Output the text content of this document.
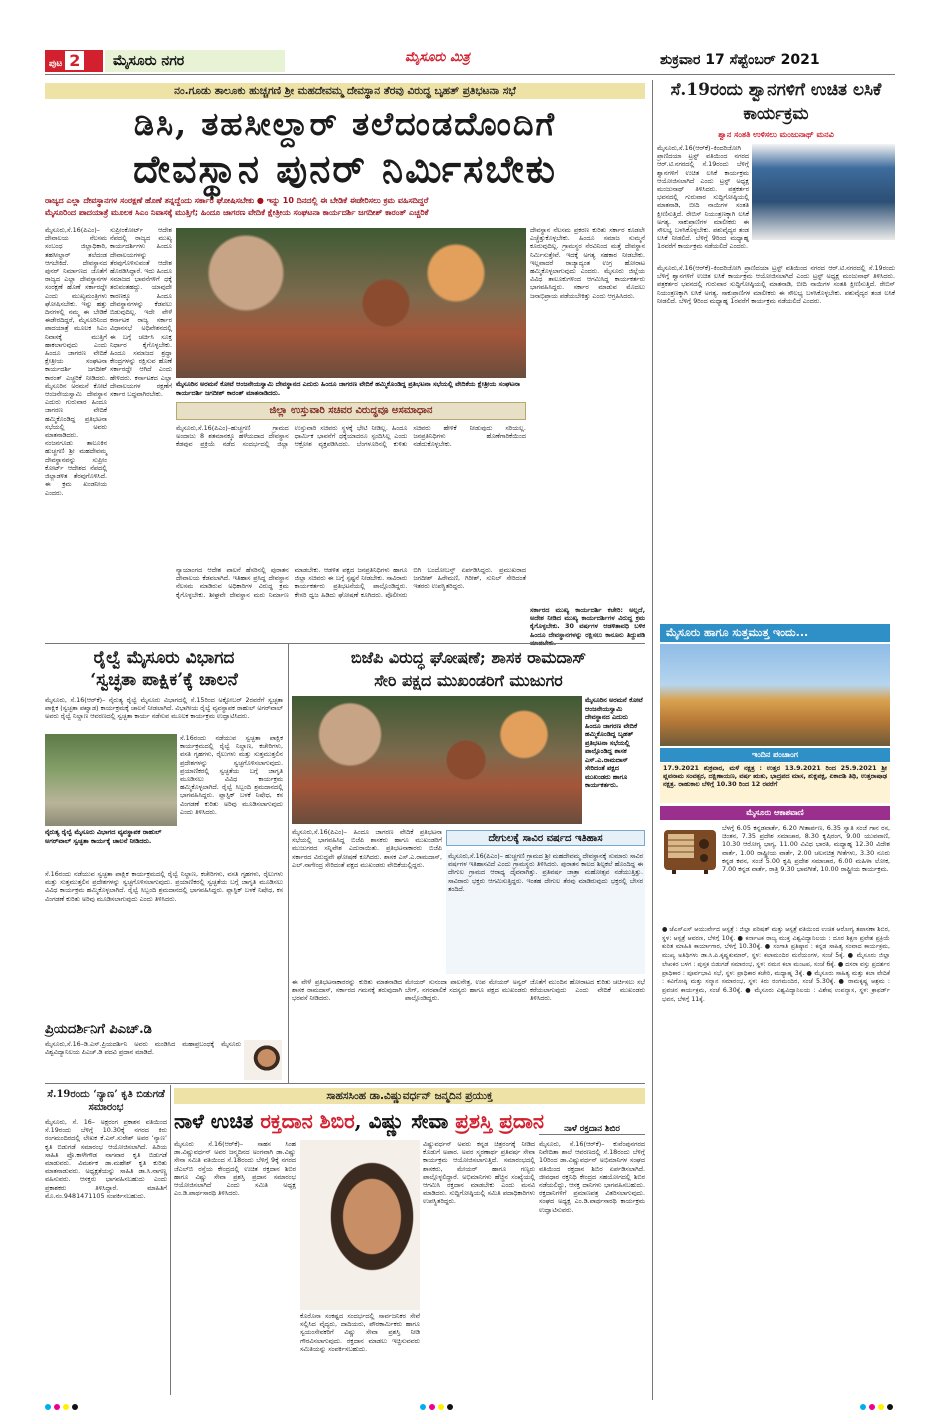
ಪುಟ 2	ಮೈಸೂರು ನಗರ	ಮೈಸೂರು ಮಿತ್ರ	ಶುಕ್ರವಾರ 17 ಸೆಪ್ಟೆಂಬರ್ 2021
ನಂ.ಗೂಡು ತಾಲೂಕು ಹುಚ್ಚಗಣಿ ಶ್ರೀ ಮಹದೇವಮ್ಮ ದೇವಸ್ಥಾನ ತೆರವು ವಿರುದ್ಧ ಬೃಹತ್ ಪ್ರತಿಭಟನಾ ಸಭೆ
ಡಿಸಿ, ತಹಸೀಲ್ದಾರ್ ತಲೆದಂಡದೊಂದಿಗೆ
ದೇವಸ್ಥಾನ ಪುನರ್ ನಿರ್ಮಿಸಬೇಕು
ರಾಜ್ಯದ ಎಲ್ಲಾ ದೇವಸ್ಥಾನಗಳ ಸಂರಕ್ಷಣೆ ಹೊಣೆ ತನ್ನದ್ದೆಂದು ಸರ್ಕಾರ ಘೋಷಿಸಬೇಕು ● ಇನ್ನು 10 ದಿನದಲ್ಲಿ ಈ ಬೇಡಿಕೆ ಈಡೇರಿಸಲು ಕ್ರಮ ವಹಿಸದಿದ್ದರೆ
ಮೈಸೂರಿಂದ ಪಾದಯಾತ್ರೆ ಮೂಲಕ ಸಿಎಂ ನಿವಾಸಕ್ಕೆ ಮುತ್ತಿಗೆ; ಹಿಂದೂ ಜಾಗರಣ ವೇದಿಕೆ ಕ್ಷೇತ್ರೀಯ ಸಂಘಟನಾ ಕಾರ್ಯದರ್ಶಿ ಜಗದೀಶ್ ಕಾರಂತ್ ಎಚ್ಚರಿಕೆ
ಮೈಸೂರು,ಸೆ.16(ಪಿಎಂ)– ದೇವಾಲಯ ನೆಲಸಮ ಸಂಬಂಧ ಜಿಲ್ಲಾಧಿಕಾರಿ, ತಹಸೀಲ್ದಾರ್ ತಲೆದಂಡ ಆಗಬೇಕಿದೆ. ದೇವಸ್ಥಾನದ ಪುನರ್ ನಿರ್ಮಾಣದ ಜೊತೆಗೆ ರಾಜ್ಯದ ಎಲ್ಲಾ ದೇವಸ್ಥಾನಗಳ ಸಂರಕ್ಷಣೆ ಹೊಣೆ ಸರ್ಕಾರದ್ದೇ ಎಂದು ಮುಖ್ಯಮಂತ್ರಿಗಳು ಘೋಷಿಸಬೇಕು. ಇನ್ನು ಹತ್ತು ದಿನಗಳಲ್ಲಿ ನಮ್ಮ ಈ ಬೇಡಿಕೆ ಈಡೇರದಿದ್ದರೆ, ಮೈಸೂರಿನಿಂದ ಪಾದಯಾತ್ರೆ ಮೂಲಕ ಸಿಎಂ ನಿವಾಸಕ್ಕೆ ಮುತ್ತಿಗೆ ಹಾಕಲಾಗುವುದು ಎಂದು ಹಿಂದೂ ಜಾಗರಣ ವೇದಿಕೆ ಕ್ಷೇತ್ರೀಯ ಸಂಘಟನಾ ಕಾರ್ಯದರ್ಶಿ ಜಗದೀಶ್ ಕಾರಂತ್ ಎಚ್ಚರಿಕೆ ನೀಡಿದರು. ಮೈಸೂರಿನ ಅರಮನೆ ಕೋಟೆ ಆಂಜನೇಯಸ್ವಾಮಿ ದೇವಸ್ಥಾನ ಎದುರು ಗುರುವಾರ ಹಿಂದೂ ಜಾಗರಣ ವೇದಿಕೆ ಹಮ್ಮಿಕೊಂಡಿದ್ದ ಪ್ರತಿಭಟನಾ ಸಭೆಯಲ್ಲಿ ಅವರು ಮಾತನಾಡಿದರು. ನಂಜನಗೂಡು ತಾಲೂಕಿನ ಹುಚ್ಚಗಣಿ ಶ್ರೀ ಮಹದೇವಮ್ಮ ದೇವಸ್ಥಾನವನ್ನು ಸುಪ್ರೀಂ ಕೋರ್ಟ್ ಆದೇಶದ ನೆಪದಲ್ಲಿ ಜಿಲ್ಲಾಡಳಿತ ತೆರವುಗೊಳಿಸಿದೆ. ಈ ಕ್ರಮ ಖಂಡನೀಯ ಎಂದರು.
ಸುಪ್ರೀಂಕೋರ್ಟ್ ಆದೇಶ ನೆಪದಲ್ಲಿ ರಾಜ್ಯದ ಮುಖ್ಯ ಕಾರ್ಯದರ್ಶಿಗಳು ಹಿಂದೂ ದೇವಾಲಯಗಳನ್ನು ತೆರವುಗೊಳಿಸುವಂತೆ ಆದೇಶ ಹೊರಡಿಸಿದ್ದಾರೆ. ಇದು ಹಿಂದೂ ಸಮಾಜದ ಭಾವನೆಗಳಿಗೆ ಧಕ್ಕೆ ತರುವಂತಹದ್ದು. ಯಾವುದೇ ಕಾರಣಕ್ಕೂ ಹಿಂದೂ ದೇವಸ್ಥಾನಗಳನ್ನು ಕೆಡವಲು ಬಿಡುವುದಿಲ್ಲ. ಇದೇ ವೇಳೆ ಕರ್ನಾಟಕ ರಾಜ್ಯ ಸರ್ಕಾರ ವಿಧಾನಸಭೆ ಅಧಿವೇಶನದಲ್ಲಿ ಈ ಬಗ್ಗೆ ಚರ್ಚಿಸಿ ಸೂಕ್ತ ನಿರ್ಧಾರ ಕೈಗೊಳ್ಳಬೇಕು. ಹಿಂದೂ ಸಮಾಜದ ಶ್ರದ್ಧಾ ಕೇಂದ್ರಗಳನ್ನು ರಕ್ಷಿಸುವ ಹೊಣೆ ಸರ್ಕಾರದ್ದೇ ಆಗಿದೆ ಎಂದು ಹೇಳಿದರು. ಕರ್ನಾಟಕದ ಎಲ್ಲಾ ದೇವಾಲಯಗಳ ರಕ್ಷಣೆಗೆ ಸರ್ಕಾರ ಬದ್ಧವಾಗಿರಬೇಕು.
ಮೈಸೂರಿನ ಅರಮನೆ ಕೋಟೆ ಆಂಜನೇಯಸ್ವಾಮಿ ದೇವಸ್ಥಾನದ ಎದುರು ಹಿಂದೂ ಜಾಗರಣ ವೇದಿಕೆ ಹಮ್ಮಿಕೊಂಡಿದ್ದ ಪ್ರತಿಭಟನಾ ಸಭೆಯಲ್ಲಿ ವೇದಿಕೆಯ ಕ್ಷೇತ್ರೀಯ ಸಂಘಟನಾ ಕಾರ್ಯದರ್ಶಿ ಜಗದೀಶ್ ಕಾರಂತ್ ಮಾತನಾಡಿದರು.
ಜಿಲ್ಲಾ ಉಸ್ತುವಾರಿ ಸಚಿವರ ವಿರುದ್ಧವೂ ಅಸಮಾಧಾನ
ಮೈಸೂರು,ಸೆ.16(ಪಿಎಂ)–ಹುಚ್ಚಗಣಿ ಗ್ರಾಮದ ಅಂದಾಜು 8 ಶತಮಾನಕ್ಕೂ ಹಳೆಯದಾದ ದೇವಸ್ಥಾನ ಕೆಡವುವ ಪ್ರಕ್ರಿಯೆ ನಡೆದ ಸಂದರ್ಭದಲ್ಲಿ ಜಿಲ್ಲಾ ಉಸ್ತುವಾರಿ ಸಚಿವರು ಸ್ಥಳಕ್ಕೆ ಭೇಟಿ ನೀಡಿಲ್ಲ. ಹಿಂದೂ ಧಾರ್ಮಿಕ ಭಾವನೆಗೆ ಧಕ್ಕೆಯಾದರೂ ಸ್ಪಂದಿಸಿಲ್ಲ ಎಂದು ಆಕ್ರೋಶ ವ್ಯಕ್ತಪಡಿಸಿದರು. ಬೆಂಗಳೂರಿನಲ್ಲಿ ಕುಳಿತು ಸಚಿವರು ಹೇಳಿಕೆ ನೀಡುವುದು ಸರಿಯಲ್ಲ. ಜನಪ್ರತಿನಿಧಿಗಳು ಹೊಣೆಗಾರಿಕೆಯಿಂದ ನಡೆದುಕೊಳ್ಳಬೇಕು.
ನ್ಯಾಯಾಂಗದ ಆದೇಶ ಪಾಲನೆ ಹೆಸರಿನಲ್ಲಿ ಪುರಾತನ ದೇವಾಲಯ ಕೆಡವಲಾಗಿದೆ. ಇತಿಹಾಸ ಪ್ರಸಿದ್ಧ ದೇವಸ್ಥಾನ ನೆಲಸಮ ಮಾಡಿರುವ ಅಧಿಕಾರಿಗಳ ವಿರುದ್ಧ ಕ್ರಮ ಕೈಗೊಳ್ಳಬೇಕು. ಶೀಘ್ರವೇ ದೇವಸ್ಥಾನ ಮರು ನಿರ್ಮಾಣ ಮಾಡಬೇಕು. ಆಡಳಿತ ಪಕ್ಷದ ಜನಪ್ರತಿನಿಧಿಗಳು ಹಾಗೂ ಜಿಲ್ಲಾ ಸಚಿವರು ಈ ಬಗ್ಗೆ ಸ್ಪಷ್ಟನೆ ನೀಡಬೇಕು. ಸಾವಿರಾರು ಕಾರ್ಯಕರ್ತರು ಪ್ರತಿಭಟನೆಯಲ್ಲಿ ಪಾಲ್ಗೊಂಡಿದ್ದರು. ಕೇಸರಿ ಧ್ವಜ ಹಿಡಿದು ಘೋಷಣೆ ಕೂಗಿದರು. ಪೊಲೀಸರು ಬಿಗಿ ಬಂದೋಬಸ್ತ್ ಏರ್ಪಡಿಸಿದ್ದರು. ಪ್ರಮುಖರಾದ ಜಗದೀಶ್ ಹಿರೇಮಣಿ, ಗಿರೀಶ್, ಸುನಿಲ್ ಸೇರಿದಂತೆ ಇತರರು ಉಪಸ್ಥಿತರಿದ್ದರು.
ದೇವಸ್ಥಾನ ನೆಲಸಮ ಪ್ರಕರಣ ಕುರಿತು ಸರ್ಕಾರ ಕೂಡಲೇ ಎಚ್ಚೆತ್ತುಕೊಳ್ಳಬೇಕು. ಹಿಂದೂ ಸಮಾಜ ಸುಮ್ಮನೆ ಕೂರುವುದಿಲ್ಲ. ಗ್ರಾಮಸ್ಥರ ನೆರವಿನಿಂದ ಮತ್ತೆ ದೇವಸ್ಥಾನ ನಿರ್ಮಿಸುತ್ತೇವೆ. ಇದಕ್ಕೆ ಅಗತ್ಯ ಸಹಕಾರ ನೀಡಬೇಕು. ಇಲ್ಲವಾದರೆ ರಾಜ್ಯಾದ್ಯಂತ ಉಗ್ರ ಹೋರಾಟ ಹಮ್ಮಿಕೊಳ್ಳಲಾಗುವುದು ಎಂದರು. ಮೈಸೂರು ಜಿಲ್ಲೆಯ ವಿವಿಧ ತಾಲೂಕುಗಳಿಂದ ಆಗಮಿಸಿದ್ದ ಕಾರ್ಯಕರ್ತರು ಭಾಗವಹಿಸಿದ್ದರು. ಸರ್ಕಾರ ಮಾಡುವ ಮೊದಲು ಜನಾಭಿಪ್ರಾಯ ಪಡೆಯಬೇಕಿತ್ತು ಎಂದು ಆಗ್ರಹಿಸಿದರು.
ಸರ್ಕಾರದ ಮುಖ್ಯ ಕಾರ್ಯದರ್ಶಿ ಕಚೇರಿ: ಅಲ್ಲದೆ, ಅದೇಶ ನೀಡಿದ ಮುಖ್ಯ ಕಾರ್ಯದರ್ಶಿಗಳ ವಿರುದ್ಧ ಕ್ರಮ ಕೈಗೊಳ್ಳಬೇಕು. 30 ವರ್ಷಗಳ ಆಡಳಿತಾವಧಿ ಬಳಿಕ ಹಿಂದೂ ದೇವಸ್ಥಾನಗಳನ್ನು ರಕ್ಷಿಸಲು ಕಾನೂನು ತಿದ್ದುಪಡಿ
ಸೆ.19ರಂದು ಶ್ವಾನಗಳಿಗೆ ಉಚಿತ ಲಸಿಕೆ ಕಾರ್ಯಕ್ರಮ
ಶ್ವಾನ ಸಂತತಿ ಉಳಿಸಲು ಮಂಜುನಾಥ್ ಮನವಿ
ಮೈಸೂರು,ಸೆ.16(ಆರ್‌ಕೆ)–ಕಿಂದರಿಜೋಗಿ ಪ್ರಾಣಿದಯಾ ಟ್ರಸ್ಟ್ ವತಿಯಿಂದ ನಗರದ ಆರ್.ಟಿ.ನಗರದಲ್ಲಿ ಸೆ.19ರಂದು ಬೆಳಿಗ್ಗೆ ಶ್ವಾನಗಳಿಗೆ ಉಚಿತ ಲಸಿಕೆ ಕಾರ್ಯಕ್ರಮ ಆಯೋಜಿಸಲಾಗಿದೆ ಎಂದು ಟ್ರಸ್ಟ್ ಅಧ್ಯಕ್ಷ ಮಂಜುನಾಥ್ ತಿಳಿಸಿದರು. ಪತ್ರಕರ್ತರ ಭವನದಲ್ಲಿ ಗುರುವಾರ ಸುದ್ದಿಗೋಷ್ಠಿಯಲ್ಲಿ ಮಾತನಾಡಿ, ಬೀದಿ ನಾಯಿಗಳ ಸಂತತಿ ಕ್ಷೀಣಿಸುತ್ತಿದೆ. ರೇಬಿಸ್ ನಿಯಂತ್ರಣಕ್ಕಾಗಿ ಲಸಿಕೆ ಅಗತ್ಯ. ಸಾಕುಪ್ರಾಣಿಗಳ ಮಾಲೀಕರು ಈ ಸೌಲಭ್ಯ ಬಳಸಿಕೊಳ್ಳಬೇಕು. ಪಶುವೈದ್ಯರ ತಂಡ ಲಸಿಕೆ ನೀಡಲಿದೆ. ಬೆಳಿಗ್ಗೆ 9ರಿಂದ ಮಧ್ಯಾಹ್ನ 1ರವರೆಗೆ ಕಾರ್ಯಕ್ರಮ ನಡೆಯಲಿದೆ ಎಂದರು.
ಮೈಸೂರು,ಸೆ.16(ಆರ್‌ಕೆ)–ಕಿಂದರಿಜೋಗಿ ಪ್ರಾಣಿದಯಾ ಟ್ರಸ್ಟ್ ವತಿಯಿಂದ ನಗರದ ಆರ್.ಟಿ.ನಗರದಲ್ಲಿ ಸೆ.19ರಂದು ಬೆಳಿಗ್ಗೆ ಶ್ವಾನಗಳಿಗೆ ಉಚಿತ ಲಸಿಕೆ ಕಾರ್ಯಕ್ರಮ ಆಯೋಜಿಸಲಾಗಿದೆ ಎಂದು ಟ್ರಸ್ಟ್ ಅಧ್ಯಕ್ಷ ಮಂಜುನಾಥ್ ತಿಳಿಸಿದರು. ಪತ್ರಕರ್ತರ ಭವನದಲ್ಲಿ ಗುರುವಾರ ಸುದ್ದಿಗೋಷ್ಠಿಯಲ್ಲಿ ಮಾತನಾಡಿ, ಬೀದಿ ನಾಯಿಗಳ ಸಂತತಿ ಕ್ಷೀಣಿಸುತ್ತಿದೆ. ರೇಬಿಸ್ ನಿಯಂತ್ರಣಕ್ಕಾಗಿ ಲಸಿಕೆ ಅಗತ್ಯ. ಸಾಕುಪ್ರಾಣಿಗಳ ಮಾಲೀಕರು ಈ ಸೌಲಭ್ಯ ಬಳಸಿಕೊಳ್ಳಬೇಕು. ಪಶುವೈದ್ಯರ ತಂಡ ಲಸಿಕೆ ನೀಡಲಿದೆ. ಬೆಳಿಗ್ಗೆ 9ರಿಂದ ಮಧ್ಯಾಹ್ನ 1ರವರೆಗೆ ಕಾರ್ಯಕ್ರಮ ನಡೆಯಲಿದೆ ಎಂದರು.
ಮೈಸೂರು ಹಾಗೂ ಸುತ್ತಮುತ್ತ ಇಂದು...
ಇಂದಿನ ಪಂಚಾಂಗ
17.9.2021 ಶುಕ್ರವಾರ, ಮಳೆ ನಕ್ಷತ್ರ : ಉತ್ತರ 13.9.2021 ರಿಂದ 25.9.2021 ಶ್ರೀ ಪ್ಲವನಾಮ ಸಂವತ್ಸರ, ದಕ್ಷಿಣಾಯಣ, ವರ್ಷ ಋತು, ಭಾದ್ರಪದ ಮಾಸ, ಶುಕ್ಲಪಕ್ಷ, ಏಕಾದಶಿ ತಿಥಿ, ಉತ್ತರಾಷಾಢ ನಕ್ಷತ್ರ. ರಾಹುಕಾಲ ಬೆಳಿಗ್ಗೆ 10.30 ರಿಂದ 12 ರವರೆಗೆ
ಮೈಸೂರು ಆಕಾಶವಾಣಿ
ಬೆಳಗ್ಗೆ 6.05 ಕನ್ನಡವಾರ್ತೆ, 6.20 ಗೀತಾರ್ಪಣ, 6.35 ಸ್ವಾತಿ ಸಂಜೆ ಗಾನ ರಸ, ಚಿಂತನ, 7.35 ಪ್ರದೇಶ ಸಮಾಚಾರ, 8.30 ಕೃಷಿರಂಗ, 9.00 ಯುವವಾಣಿ, 10.30 ಆರೋಗ್ಯ ಭಾಗ್ಯ, 11.00 ವಿವಿಧ ಭಾರತಿ, ಮಧ್ಯಾಹ್ನ 12.30 ವಿದೇಶ ವಾರ್ತೆ, 1.00 ರಾಷ್ಟ್ರೀಯ ವಾರ್ತೆ, 2.00 ಚಲನಚಿತ್ರ ಗೀತೆಗಳು, 3.30 ನೂರು ಕನ್ನಡ ಕವನ, ಸಂಜೆ 5.00 ಕೃಷಿ ಪ್ರದೇಶ ಸಮಾಚಾರ, 6.00 ಮಹಿಳಾ ಲೋಕ, 7.00 ಕನ್ನಡ ವಾರ್ತೆ, ರಾತ್ರಿ 9.30 ಭಾವಗೀತೆ, 10.00 ರಾಷ್ಟ್ರೀಯ ಕಾರ್ಯಕ್ರಮ.
● ಜೆಎಸ್‌ಎಸ್ ಆಯುರ್ವೇದ ಆಸ್ಪತ್ರೆ : ಜಿಲ್ಲಾ ಪರಿಷತ್ ಮತ್ತು ಆಸ್ಪತ್ರೆ ವತಿಯಿಂದ ಉಚಿತ ಆರೋಗ್ಯ ತಪಾಸಣಾ ಶಿಬಿರ, ಸ್ಥಳ: ಆಸ್ಪತ್ರೆ ಆವರಣ, ಬೆಳಿಗ್ಗೆ 10ಕ್ಕೆ. ● ಕರ್ನಾಟಕ ರಾಜ್ಯ ಮುಕ್ತ ವಿಶ್ವವಿದ್ಯಾನಿಲಯ : ದೂರ ಶಿಕ್ಷಣ ಪ್ರವೇಶ ಪ್ರಕ್ರಿಯೆ ಕುರಿತ ಮಾಹಿತಿ ಕಾರ್ಯಾಗಾರ, ಬೆಳಿಗ್ಗೆ 10.30ಕ್ಕೆ. ● ಸಂಗಾತಿ ಪ್ರತಿಷ್ಠಾನ : ಕನ್ನಡ ಸಾಹಿತ್ಯ ಸಂವಾದ ಕಾರ್ಯಕ್ರಮ, ಮುಖ್ಯ ಅತಿಥಿಗಳು ಡಾ.ಸಿ.ಪಿ.ಕೃಷ್ಣಕುಮಾರ್, ಸ್ಥಳ: ಕಲಾಮಂದಿರ ಮನೆಯಂಗಳ, ಸಂಜೆ 5ಕ್ಕೆ. ● ಮೈಸೂರು ಜಿಲ್ಲಾ ಲೇಖಕರ ಬಳಗ : ಪುಸ್ತಕ ಬಿಡುಗಡೆ ಸಮಾರಂಭ, ಸ್ಥಳ: ನಮನ ಕಲಾ ಮಂಟಪ, ಸಂಜೆ 6ಕ್ಕೆ. ● ದಸರಾ ವಸ್ತು ಪ್ರದರ್ಶನ ಪ್ರಾಧಿಕಾರ : ಪೂರ್ವಭಾವಿ ಸಭೆ, ಸ್ಥಳ: ಪ್ರಾಧಿಕಾರ ಕಚೇರಿ, ಮಧ್ಯಾಹ್ನ 3ಕ್ಕೆ. ● ಮೈಸೂರು ಸಾಹಿತ್ಯ ಮತ್ತು ಕಲಾ ವೇದಿಕೆ : ಕವಿಗೋಷ್ಠಿ ಮತ್ತು ಸನ್ಮಾನ ಸಮಾರಂಭ, ಸ್ಥಳ: ಕಿರು ರಂಗಮಂದಿರ, ಸಂಜೆ 5.30ಕ್ಕೆ. ● ರಾಮಕೃಷ್ಣ ಆಶ್ರಮ : ಪ್ರವಚನ ಕಾರ್ಯಕ್ರಮ, ಸಂಜೆ 6.30ಕ್ಕೆ. ● ಮೈಸೂರು ವಿಶ್ವವಿದ್ಯಾನಿಲಯ : ವಿಶೇಷ ಉಪನ್ಯಾಸ, ಸ್ಥಳ: ಕ್ರಾಫರ್ಡ್ ಭವನ, ಬೆಳಿಗ್ಗೆ 11ಕ್ಕೆ.
ರೈಲ್ವೆ ಮೈಸೂರು ವಿಭಾಗದ
‘ಸ್ವಚ್ಛತಾ ಪಾಕ್ಷಿಕ’ಕ್ಕೆ ಚಾಲನೆ
ಮೈಸೂರು, ಸೆ.16(ಆರ್‌ಕೆ)– ನೈರುತ್ಯ ರೈಲ್ವೆ ಮೈಸೂರು ವಿಭಾಗದಲ್ಲಿ ಸೆ.15ರಿಂದ ಅಕ್ಟೋಬರ್ 2ರವರೆಗೆ ಸ್ವಚ್ಛತಾ ಪಾಕ್ಷಿಕ (ಸ್ವಚ್ಛತಾ ಪಖ್ವಾಡ) ಕಾರ್ಯಕ್ರಮಕ್ಕೆ ಚಾಲನೆ ನೀಡಲಾಗಿದೆ. ವಿಭಾಗೀಯ ರೈಲ್ವೆ ವ್ಯವಸ್ಥಾಪಕ ರಾಹುಲ್ ಅಗರ್‌ವಾಲ್ ಅವರು ರೈಲ್ವೆ ನಿಲ್ದಾಣ ಆವರಣದಲ್ಲಿ ಸ್ವಚ್ಛತಾ ಕಾರ್ಯ ನಡೆಸುವ ಮೂಲಕ ಕಾರ್ಯಕ್ರಮ ಉದ್ಘಾಟಿಸಿದರು.
ನೈರುತ್ಯ ರೈಲ್ವೆ ಮೈಸೂರು ವಿಭಾಗದ ವ್ಯವಸ್ಥಾಪಕ ರಾಹುಲ್ ಅಗರ್‌ವಾಲ್ ಸ್ವಚ್ಛತಾ ಕಾರ್ಯಕ್ಕೆ ಚಾಲನೆ ನೀಡಿದರು.
ಸೆ.16ರಂದು ನಡೆಯುವ ಸ್ವಚ್ಛತಾ ಪಾಕ್ಷಿಕ ಕಾರ್ಯಕ್ರಮದಲ್ಲಿ ರೈಲ್ವೆ ನಿಲ್ದಾಣ, ಕಚೇರಿಗಳು, ವಸತಿ ಗೃಹಗಳು, ರೈಲುಗಳು ಮತ್ತು ಸುತ್ತಮುತ್ತಲಿನ ಪ್ರದೇಶಗಳನ್ನು ಸ್ವಚ್ಛಗೊಳಿಸಲಾಗುವುದು. ಪ್ರಯಾಣಿಕರಲ್ಲಿ ಸ್ವಚ್ಛತೆಯ ಬಗ್ಗೆ ಜಾಗೃತಿ ಮೂಡಿಸಲು ವಿವಿಧ ಕಾರ್ಯಕ್ರಮ ಹಮ್ಮಿಕೊಳ್ಳಲಾಗಿದೆ. ರೈಲ್ವೆ ಸಿಬ್ಬಂದಿ ಶ್ರಮದಾನದಲ್ಲಿ ಭಾಗವಹಿಸಿದ್ದರು. ಪ್ಲಾಸ್ಟಿಕ್ ಬಳಕೆ ನಿಷೇಧ, ಕಸ ವಿಂಗಡಣೆ ಕುರಿತು ಅರಿವು ಮೂಡಿಸಲಾಗುವುದು ಎಂದು ತಿಳಿಸಿದರು.
ಸೆ.16ರಂದು ನಡೆಯುವ ಸ್ವಚ್ಛತಾ ಪಾಕ್ಷಿಕ ಕಾರ್ಯಕ್ರಮದಲ್ಲಿ ರೈಲ್ವೆ ನಿಲ್ದಾಣ, ಕಚೇರಿಗಳು, ವಸತಿ ಗೃಹಗಳು, ರೈಲುಗಳು ಮತ್ತು ಸುತ್ತಮುತ್ತಲಿನ ಪ್ರದೇಶಗಳನ್ನು ಸ್ವಚ್ಛಗೊಳಿಸಲಾಗುವುದು. ಪ್ರಯಾಣಿಕರಲ್ಲಿ ಸ್ವಚ್ಛತೆಯ ಬಗ್ಗೆ ಜಾಗೃತಿ ಮೂಡಿಸಲು ವಿವಿಧ ಕಾರ್ಯಕ್ರಮ ಹಮ್ಮಿಕೊಳ್ಳಲಾಗಿದೆ. ರೈಲ್ವೆ ಸಿಬ್ಬಂದಿ ಶ್ರಮದಾನದಲ್ಲಿ ಭಾಗವಹಿಸಿದ್ದರು. ಪ್ಲಾಸ್ಟಿಕ್ ಬಳಕೆ ನಿಷೇಧ, ಕಸ ವಿಂಗಡಣೆ ಕುರಿತು ಅರಿವು ಮೂಡಿಸಲಾಗುವುದು ಎಂದು ತಿಳಿಸಿದರು.
ಪ್ರಿಯದರ್ಶಿನಿಗೆ ಪಿಎಚ್.ಡಿ
ಮೈಸೂರು,ಸೆ.16–ಡಿ.ಎಸ್.ಪ್ರಿಯದರ್ಶಿನಿ ಅವರು ಮಂಡಿಸಿದ ಮಹಾಪ್ರಬಂಧಕ್ಕೆ ಮೈಸೂರು ವಿಶ್ವವಿದ್ಯಾನಿಲಯ ಪಿಎಚ್.ಡಿ ಪದವಿ ಪ್ರದಾನ ಮಾಡಿದೆ.
ಬಿಜೆಪಿ ವಿರುದ್ಧ ಘೋಷಣೆ; ಶಾಸಕ ರಾಮದಾಸ್
ಸೇರಿ ಪಕ್ಷದ ಮುಖಂಡರಿಗೆ ಮುಜುಗರ
ಮೈಸೂರಿನ ಅರಮನೆ ಕೋಟೆ ಆಂಜನೇಯಸ್ವಾಮಿ ದೇವಸ್ಥಾನದ ಎದುರು ಹಿಂದೂ ಜಾಗರಣ ವೇದಿಕೆ ಹಮ್ಮಿಕೊಂಡಿದ್ದ ಬೃಹತ್ ಪ್ರತಿಭಟನಾ ಸಭೆಯಲ್ಲಿ ಪಾಲ್ಗೊಂಡಿದ್ದ ಶಾಸಕ ಎಸ್.ಎ.ರಾಮದಾಸ್ ಸೇರಿದಂತೆ ಪಕ್ಷದ ಮುಖಂಡರು ಹಾಗೂ ಕಾರ್ಯಕರ್ತರು.
ಮೈಸೂರು,ಸೆ.16(ಪಿಎಂ)– ಹಿಂದೂ ಜಾಗರಣ ವೇದಿಕೆ ಪ್ರತಿಭಟನಾ ಸಭೆಯಲ್ಲಿ ಭಾಗವಹಿಸಿದ್ದ ಬಿಜೆಪಿ ಶಾಸಕರು ಹಾಗೂ ಮುಖಂಡರಿಗೆ ಮುಜುಗರದ ಸನ್ನಿವೇಶ ಎದುರಾಯಿತು. ಪ್ರತಿಭಟನಾಕಾರರು ಬಿಜೆಪಿ ಸರ್ಕಾರದ ವಿರುದ್ಧವೇ ಘೋಷಣೆ ಕೂಗಿದರು. ಶಾಸಕ ಎಸ್.ಎ.ರಾಮದಾಸ್, ಎಲ್.ನಾಗೇಂದ್ರ ಸೇರಿದಂತೆ ಪಕ್ಷದ ಮುಖಂಡರು ವೇದಿಕೆಯಲ್ಲಿದ್ದರು.
ದೇಗುಲಕ್ಕೆ ಸಾವಿರ ವರ್ಷದ ಇತಿಹಾಸ
ಮೈಸೂರು,ಸೆ.16(ಪಿಎಂ)– ಹುಚ್ಚಗಣಿ ಗ್ರಾಮದ ಶ್ರೀ ಮಹದೇವಮ್ಮ ದೇವಸ್ಥಾನಕ್ಕೆ ಸುಮಾರು ಸಾವಿರ ವರ್ಷಗಳ ಇತಿಹಾಸವಿದೆ ಎಂದು ಗ್ರಾಮಸ್ಥರು ತಿಳಿಸಿದರು. ಪುರಾತನ ಕಾಲದ ಶಿಲ್ಪಕಲೆ ಹೊಂದಿದ್ದ ಈ ದೇಗುಲ ಗ್ರಾಮದ ಆರಾಧ್ಯ ದೈವವಾಗಿತ್ತು. ಪ್ರತಿವರ್ಷ ಜಾತ್ರಾ ಮಹೋತ್ಸವ ನಡೆಯುತ್ತಿತ್ತು. ಸಾವಿರಾರು ಭಕ್ತರು ಆಗಮಿಸುತ್ತಿದ್ದರು. ಇಂತಹ ದೇಗುಲ ತೆರವು ಮಾಡಿರುವುದು ಭಕ್ತರಲ್ಲಿ ಬೇಸರ ತಂದಿದೆ.
ಈ ವೇಳೆ ಪ್ರತಿಭಟನಾಕಾರರನ್ನು ಕುರಿತು ಮಾತನಾಡಿದ ಶಾಸಕ ರಾಮದಾಸ್, ಸರ್ಕಾರದ ಗಮನಕ್ಕೆ ತರುವುದಾಗಿ ಭರವಸೆ ನೀಡಿದರು.
ಮೇಯರ್ ಸುನಂದಾ ಪಾಲನೇತ್ರ, ಉಪ ಮೇಯರ್ ಅನ್ವರ್ ಬೇಗ್, ನಗರಪಾಲಿಕೆ ಸದಸ್ಯರು ಹಾಗೂ ಪಕ್ಷದ ಮುಖಂಡರು ಪಾಲ್ಗೊಂಡಿದ್ದರು.
ಜೊತೆಗೆ ಮುಂದಿನ ಹೋರಾಟದ ಕುರಿತು ಚರ್ಚಿಸಲು ಸಭೆ ಕರೆಯಲಾಗುವುದು ಎಂದು ವೇದಿಕೆ ಮುಖಂಡರು ತಿಳಿಸಿದರು.
ಸೆ.19ರಂದು ‘ನ್ಯಾಣ’ ಕೃತಿ ಬಿಡುಗಡೆ ಸಮಾರಂಭ
ಮೈಸೂರು, ಸೆ. 16– ಅಕ್ಷರಂಗ ಪ್ರಕಾಶನ ವತಿಯಿಂದ ಸೆ.19ರಂದು ಬೆಳಿಗ್ಗೆ 10.30ಕ್ಕೆ ನಗರದ ಕಿರು ರಂಗಮಂದಿರದಲ್ಲಿ ಲೇಖಕ ಕೆ.ಎಸ್.ಸುರೇಶ್ ಅವರ ‘ನ್ಯಾಣ’ ಕೃತಿ ಬಿಡುಗಡೆ ಸಮಾರಂಭ ಆಯೋಜಿಸಲಾಗಿದೆ. ಹಿರಿಯ ಸಾಹಿತಿ ಪ್ರೊ.ಕಾಳೇಗೌಡ ನಾಗವಾರ ಕೃತಿ ಬಿಡುಗಡೆ ಮಾಡುವರು. ವಿಮರ್ಶಕ ಡಾ.ಮಹೇಶ್ ಕೃತಿ ಕುರಿತು ಮಾತನಾಡುವರು. ಅಧ್ಯಕ್ಷತೆಯನ್ನು ಸಾಹಿತಿ ಡಾ.ಸಿ.ನಾಗಣ್ಣ ವಹಿಸುವರು. ಆಸಕ್ತರು ಭಾಗವಹಿಸಬಹುದು ಎಂದು ಪ್ರಕಾಶಕರು ತಿಳಿಸಿದ್ದಾರೆ. ಮಾಹಿತಿಗೆ ಮೊ.ನಂ.9481471105 ಸಂಪರ್ಕಿಸಬಹುದು.
ಸಾಹಸಸಿಂಹ ಡಾ.ವಿಷ್ಣುವರ್ಧನ್ ಜನ್ಮದಿನ ಪ್ರಯುಕ್ತ
ನಾಳೆ ಉಚಿತ ರಕ್ತದಾನ ಶಿಬಿರ, ವಿಷ್ಣು ಸೇವಾ ಪ್ರಶಸ್ತಿ ಪ್ರದಾನ
ಮೈಸೂರು ಸೆ.16(ಆರ್‌ಕೆ)– ಸಾಹಸ ಸಿಂಹ ಡಾ.ವಿಷ್ಣುವರ್ಧನ್ ಅವರ ಜನ್ಮದಿನದ ಅಂಗವಾಗಿ ಡಾ.ವಿಷ್ಣು ಸೇನಾ ಸಮಿತಿ ವತಿಯಿಂದ ಸೆ.18ರಂದು ಬೆಳಿಗ್ಗೆ 9ಕ್ಕೆ ನಗರದ ಜೆಎಲ್‌ಬಿ ರಸ್ತೆಯ ಕೇಂದ್ರದಲ್ಲಿ ಉಚಿತ ರಕ್ತದಾನ ಶಿಬಿರ ಹಾಗೂ ವಿಷ್ಣು ಸೇವಾ ಪ್ರಶಸ್ತಿ ಪ್ರದಾನ ಸಮಾರಂಭ ಆಯೋಜಿಸಲಾಗಿದೆ ಎಂದು ಸಮಿತಿ ಅಧ್ಯಕ್ಷ ಎಂ.ಡಿ.ಪಾರ್ಥಸಾರಥಿ ತಿಳಿಸಿದರು.
ಕೊರೊನಾ ಸಂಕಷ್ಟದ ಸಂದರ್ಭದಲ್ಲಿ ಸಾರ್ವಜನಿಕರ ಸೇವೆ ಸಲ್ಲಿಸಿದ ವೈದ್ಯರು, ದಾದಿಯರು, ಪೌರಕಾರ್ಮಿಕರು ಹಾಗೂ ಸ್ವಯಂಸೇವಕರಿಗೆ ವಿಷ್ಣು ಸೇವಾ ಪ್ರಶಸ್ತಿ ನೀಡಿ ಗೌರವಿಸಲಾಗುವುದು. ರಕ್ತದಾನ ಮಾಡಲು ಇಚ್ಛಿಸುವವರು ಸಮಿತಿಯನ್ನು ಸಂಪರ್ಕಿಸಬಹುದು.
ವಿಷ್ಣುವರ್ಧನ್ ಅವರು ಕನ್ನಡ ಚಿತ್ರರಂಗಕ್ಕೆ ನೀಡಿದ ಕೊಡುಗೆ ಅಪಾರ. ಅವರ ಸ್ಮರಣಾರ್ಥ ಪ್ರತಿವರ್ಷ ಸೇವಾ ಕಾರ್ಯಕ್ರಮ ಆಯೋಜಿಸಲಾಗುತ್ತಿದೆ. ಸಮಾರಂಭದಲ್ಲಿ ಶಾಸಕರು, ಮೇಯರ್ ಹಾಗೂ ಗಣ್ಯರು ಪಾಲ್ಗೊಳ್ಳಲಿದ್ದಾರೆ. ಅಭಿಮಾನಿಗಳು ಹೆಚ್ಚಿನ ಸಂಖ್ಯೆಯಲ್ಲಿ ಆಗಮಿಸಿ ರಕ್ತದಾನ ಮಾಡಬೇಕು ಎಂದು ಮನವಿ ಮಾಡಿದರು. ಸುದ್ದಿಗೋಷ್ಠಿಯಲ್ಲಿ ಸಮಿತಿ ಪದಾಧಿಕಾರಿಗಳು ಉಪಸ್ಥಿತರಿದ್ದರು.
ನಾಳೆ ರಕ್ತದಾನ ಶಿಬಿರ
ಮೈಸೂರು, ಸೆ.16(ಆರ್‌ಕೆ)– ಕುವೆಂಪುನಗರದ ನಿವೇದಿತಾ ಶಾಲೆ ಆವರಣದಲ್ಲಿ ಸೆ.18ರಂದು ಬೆಳಿಗ್ಗೆ 10ರಿಂದ ಡಾ.ವಿಷ್ಣುವರ್ಧನ್ ಅಭಿಮಾನಿಗಳ ಸಂಘದ ವತಿಯಿಂದ ರಕ್ತದಾನ ಶಿಬಿರ ಏರ್ಪಡಿಸಲಾಗಿದೆ. ಜೀವಧಾರ ರಕ್ತನಿಧಿ ಕೇಂದ್ರದ ಸಹಯೋಗದಲ್ಲಿ ಶಿಬಿರ ನಡೆಯಲಿದ್ದು, ಆಸಕ್ತ ದಾನಿಗಳು ಭಾಗವಹಿಸಬಹುದು. ರಕ್ತದಾನಿಗಳಿಗೆ ಪ್ರಮಾಣಪತ್ರ ವಿತರಿಸಲಾಗುವುದು. ಸಂಘದ ಅಧ್ಯಕ್ಷ ಎಂ.ಡಿ.ಪಾರ್ಥಸಾರಥಿ ಕಾರ್ಯಕ್ರಮ ಉದ್ಘಾಟಿಸುವರು.
